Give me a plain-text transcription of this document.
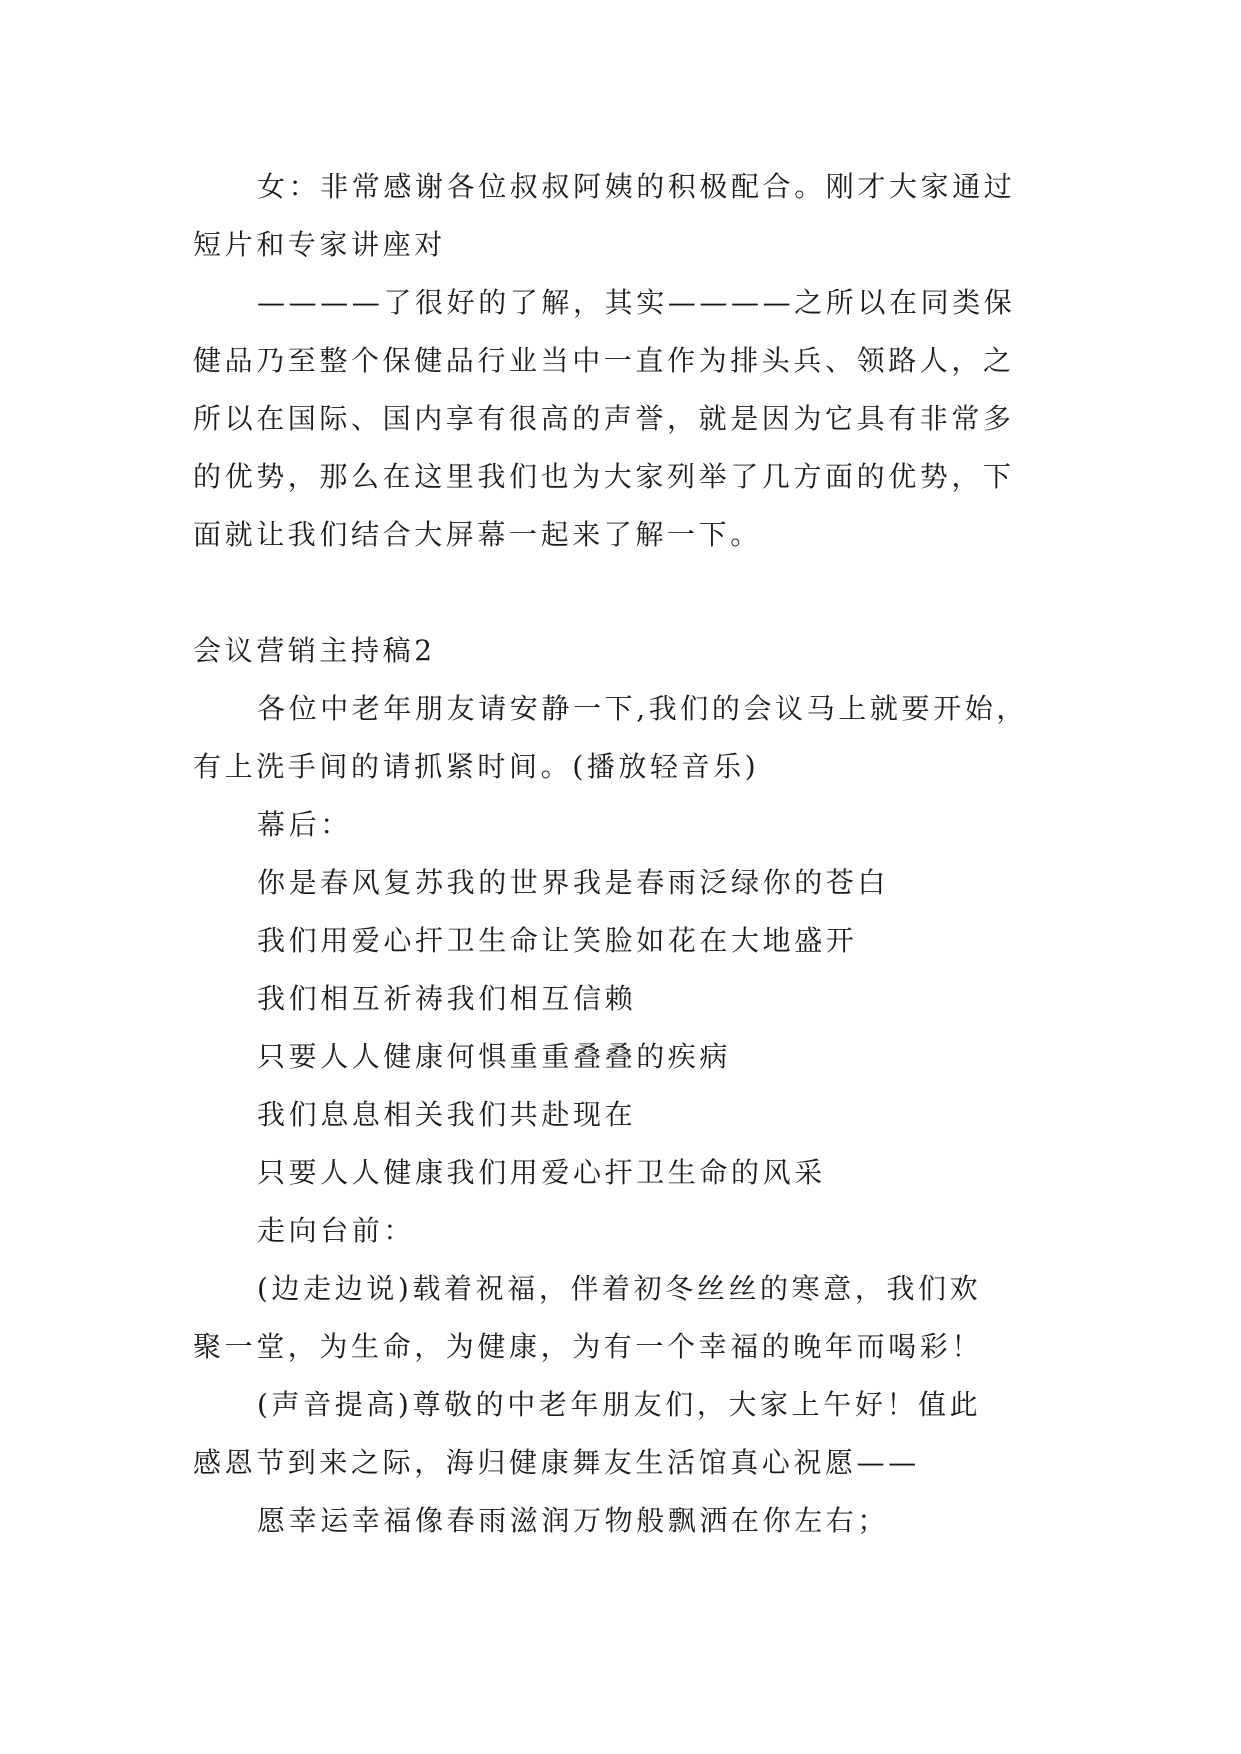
女：非常感谢各位叔叔阿姨的积极配合。刚才大家通过
短片和专家讲座对
————了很好的了解，其实————之所以在同类保
健品乃至整个保健品行业当中一直作为排头兵、领路人，之
所以在国际、国内享有很高的声誉，就是因为它具有非常多
的优势，那么在这里我们也为大家列举了几方面的优势，下
面就让我们结合大屏幕一起来了解一下。
会议营销主持稿2
各位中老年朋友请安静一下,我们的会议马上就要开始，
有上洗手间的请抓紧时间。(播放轻音乐)
幕后：
你是春风复苏我的世界我是春雨泛绿你的苍白
我们用爱心扞卫生命让笑脸如花在大地盛开
我们相互祈祷我们相互信赖
只要人人健康何惧重重叠叠的疾病
我们息息相关我们共赴现在
只要人人健康我们用爱心扞卫生命的风采
走向台前：
(边走边说)载着祝福，伴着初冬丝丝的寒意，我们欢
聚一堂，为生命，为健康，为有一个幸福的晚年而喝彩！
(声音提高)尊敬的中老年朋友们，大家上午好！值此
感恩节到来之际，海归健康舞友生活馆真心祝愿——
愿幸运幸福像春雨滋润万物般飘洒在你左右；
